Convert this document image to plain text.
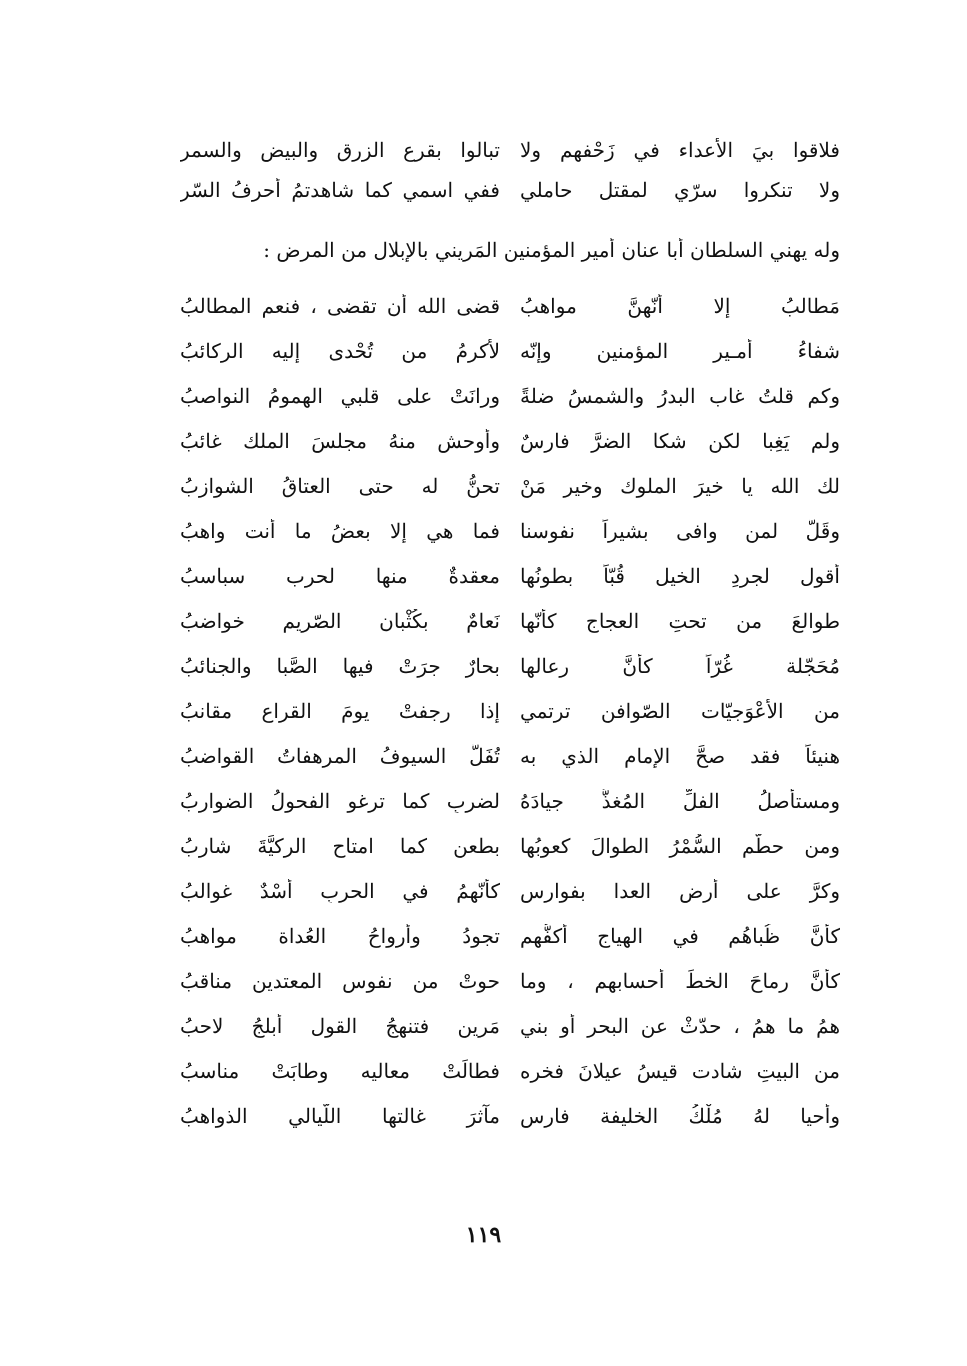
فلاقوا بيَ الأعداء في زَحْفهم ولا
تبالوا بقرع الزرقِ والبيضِ والسمرِ
ولا تنكروا سرّي لمقتلِ حاملي
ففي اسمي كما شاهدتمُ أحرفُ السّرِ
وله يهني السلطان أبا عنان أمير المؤمنين المَريني بالإبلال من المرض :
مَطالبُ إلا أنّهنَّ مواهبُ
قضى الله أن تقضى ، فنعم المطالبُ
شفاءُ أمـيرِ المؤمنين وإنّه
لأكرمُ من تُحْدى إليه الركائبُ
وكم قلتُ غاب البدرُ والشمسُ ضلةً
ورانَتْ على قلبي الهمومُ النواصبُ
ولم يَغِبا لكن شكا الضرَّ فارسٌ
وأوحش منهُ مجلسَ الملك غائبُ
لك الله يا خيرَ الملوك وخير مَنْ
تحنُّ له حتى العتاقُ الشوازبُ
وقَلَّ لمن وافى بشيراً نفوسنا
فما هي إلا بعضُ ما أنت واهبُ
أقول لجردِ الخيل قُبّاً بطونُها
معقدةٌ منها لحرب سباسبُ
طوالعَ من تحتِ العجاج كأنّها
نَعامٌ بكُثْبان الصّرِيمِ خواضبُ
مُحَجّلة غُرّاً كأنَّ رِعالها
بحارٌ جرَتْ فيها الصَّبا والجنائبُ
من الأعْوَجيّات الصّوافن ترتمي
إذا رجفتْ يومَ القراع مقانبُ
هنيئاً فقد صحَّ الإمام الذي به
تُفَلُّ السيوفُ المرهفاتُ القواضبُ
ومستأصلُ الفلِّ المُغذُّ جيادَهُ
لضربٍ كما ترغو الفحولُ الضواربُ
ومن حطَّم السُّمْرُ الطوالَ كعوبُها
بطعنٍ كما امتاح الركيَّةَ شاربُ
وكرَّ على أرضِ العدا بفوارسٍ
كأنّهمُ في الحربِ أُسْدٌ غوالبُ
كأنَّ ظُباهُم في الهياج أكفُّهم
تجودُ وأرواحُ العُداة مواهبُ
كأنَّ رماحَ الخطِّ أحسابهم ، وما
حوتْ من نفوسِ المعتدين مناقبُ
همُ ما همُ ، حدّثْ عن البحر أو بني
مَرينٍ فتنهجُ القول أبلجُ لاحبُ
من البيتِ شادت قيسُ عيلانَ فخره
فطالَتْ معاليه وطابَتْ مناسبُ
وأحيا لهُ مُلْكُ الخليفة فارسٍ
مآثرَ غالتها اللّيالي الذواهبُ
١١٩
